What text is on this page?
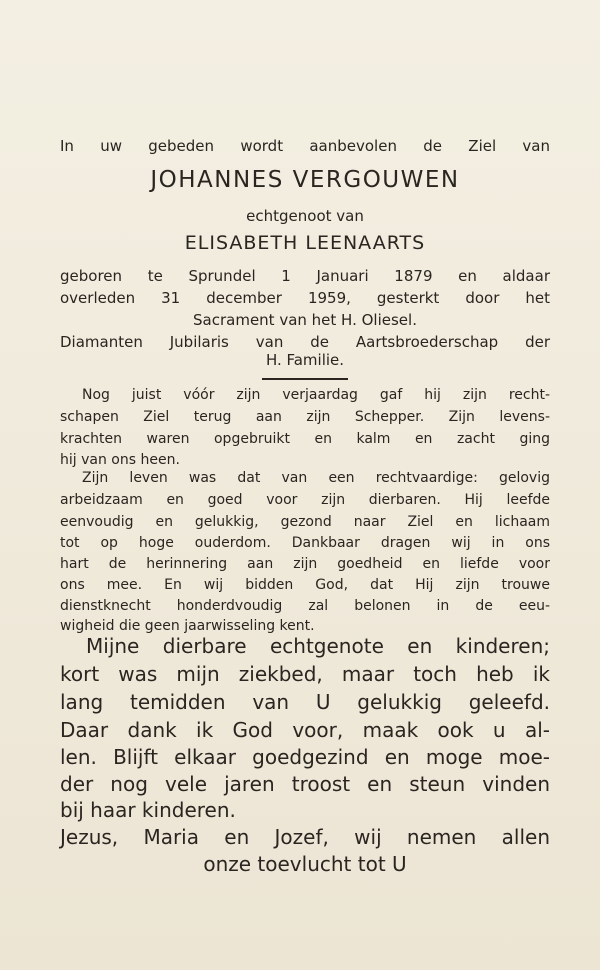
In uw gebeden wordt aanbevolen de Ziel van
JOHANNES VERGOUWEN
echtgenoot van
ELISABETH LEENAARTS
geboren te Sprundel 1 Januari 1879 en aldaar
overleden 31 december 1959, gesterkt door het
Sacrament van het H. Oliesel.
Diamanten Jubilaris van de Aartsbroederschap der
H. Familie.
Nog juist vóór zijn verjaardag gaf hij zijn recht-
schapen Ziel terug aan zijn Schepper. Zijn levens-
krachten waren opgebruikt en kalm en zacht ging
hij van ons heen.
Zijn leven was dat van een rechtvaardige: gelovig
arbeidzaam en goed voor zijn dierbaren. Hij leefde
eenvoudig en gelukkig, gezond naar Ziel en lichaam
tot op hoge ouderdom. Dankbaar dragen wij in ons
hart de herinnering aan zijn goedheid en liefde voor
ons mee. En wij bidden God, dat Hij zijn trouwe
dienstknecht honderdvoudig zal belonen in de eeu-
wigheid die geen jaarwisseling kent.
Mijne dierbare echtgenote en kinderen;
kort was mijn ziekbed, maar toch heb ik
lang temidden van U gelukkig geleefd.
Daar dank ik God voor, maak ook u al-
len. Blijft elkaar goedgezind en moge moe-
der nog vele jaren troost en steun vinden
bij haar kinderen.
Jezus, Maria en Jozef, wij nemen allen
onze toevlucht tot U
